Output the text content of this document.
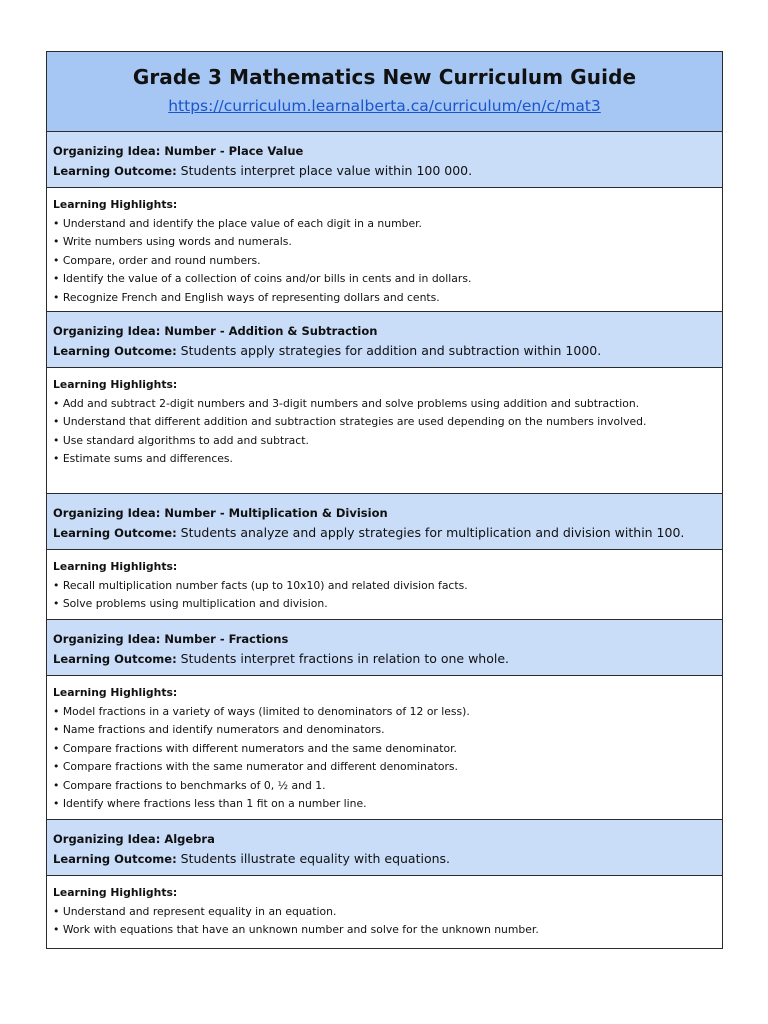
Grade 3 Mathematics New Curriculum Guide
https://curriculum.learnalberta.ca/curriculum/en/c/mat3
Organizing Idea: Number - Place Value
Learning Outcome: Students interpret place value within 100 000.
Learning Highlights:
• Understand and identify the place value of each digit in a number.
• Write numbers using words and numerals.
• Compare, order and round numbers.
• Identify the value of a collection of coins and/or bills in cents and in dollars.
• Recognize French and English ways of representing dollars and cents.
Organizing Idea: Number - Addition & Subtraction
Learning Outcome: Students apply strategies for addition and subtraction within 1000.
Learning Highlights:
• Add and subtract 2-digit numbers and 3-digit numbers and solve problems using addition and subtraction.
• Understand that different addition and subtraction strategies are used depending on the numbers involved.
• Use standard algorithms to add and subtract.
• Estimate sums and differences.
Organizing Idea: Number - Multiplication & Division
Learning Outcome: Students analyze and apply strategies for multiplication and division within 100.
Learning Highlights:
• Recall multiplication number facts (up to 10x10) and related division facts.
• Solve problems using multiplication and division.
Organizing Idea: Number - Fractions
Learning Outcome: Students interpret fractions in relation to one whole.
Learning Highlights:
• Model fractions in a variety of ways (limited to denominators of 12 or less).
• Name fractions and identify numerators and denominators.
• Compare fractions with different numerators and the same denominator.
• Compare fractions with the same numerator and different denominators.
• Compare fractions to benchmarks of 0, ½ and 1.
• Identify where fractions less than 1 fit on a number line.
Organizing Idea: Algebra
Learning Outcome: Students illustrate equality with equations.
Learning Highlights:
• Understand and represent equality in an equation.
• Work with equations that have an unknown number and solve for the unknown number.
